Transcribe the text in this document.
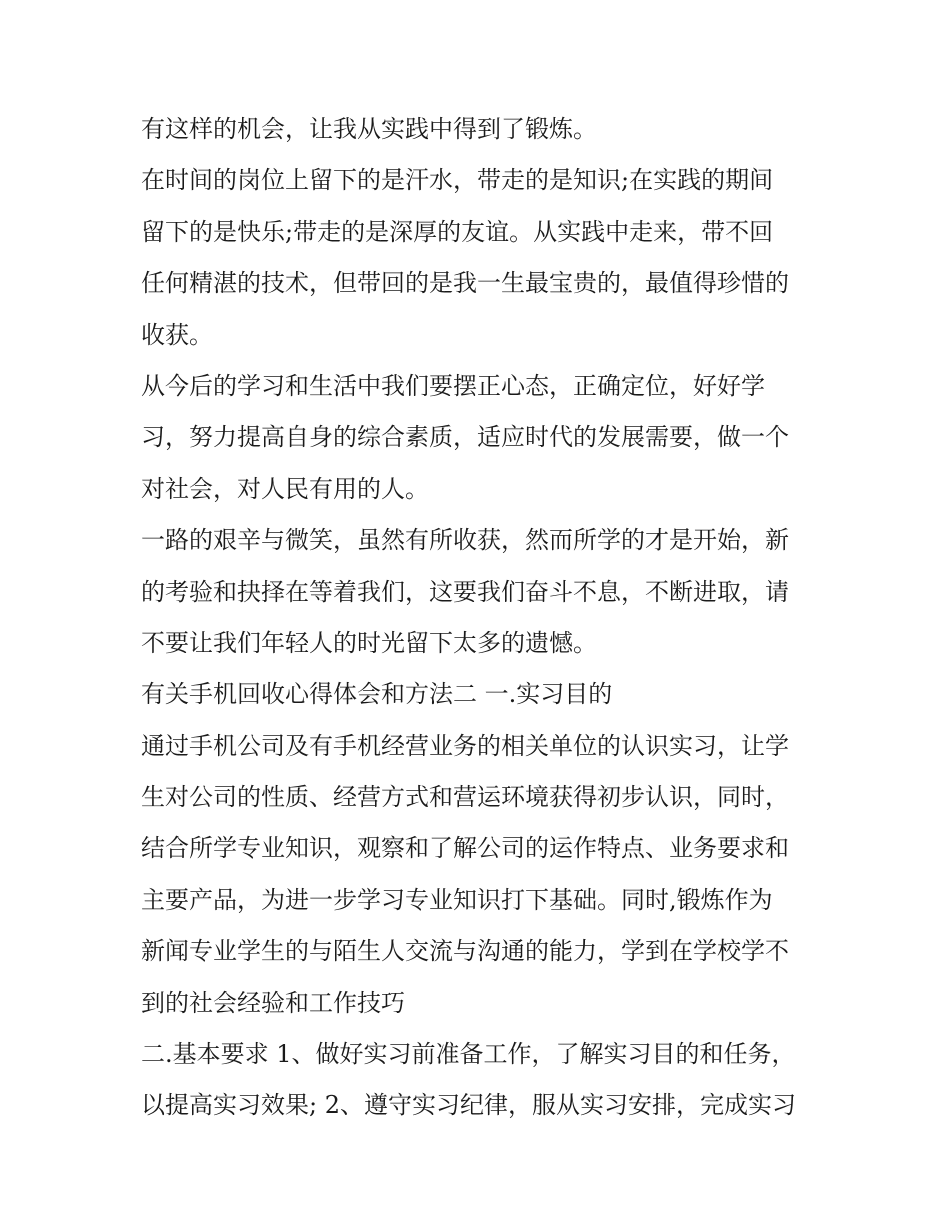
有这样的机会，让我从实践中得到了锻炼。
在时间的岗位上留下的是汗水，带走的是知识;在实践的期间
留下的是快乐;带走的是深厚的友谊。从实践中走来，带不回
任何精湛的技术，但带回的是我一生最宝贵的，最值得珍惜的
收获。
从今后的学习和生活中我们要摆正心态，正确定位，好好学
习，努力提高自身的综合素质，适应时代的发展需要，做一个
对社会，对人民有用的人。
一路的艰辛与微笑，虽然有所收获，然而所学的才是开始，新
的考验和抉择在等着我们，这要我们奋斗不息，不断进取，请
不要让我们年轻人的时光留下太多的遗憾。
有关手机回收心得体会和方法二 一.实习目的
通过手机公司及有手机经营业务的相关单位的认识实习，让学
生对公司的性质、经营方式和营运环境获得初步认识，同时，
结合所学专业知识，观察和了解公司的运作特点、业务要求和
主要产品，为进一步学习专业知识打下基础。同时,锻炼作为
新闻专业学生的与陌生人交流与沟通的能力，学到在学校学不
到的社会经验和工作技巧
二.基本要求 1、做好实习前准备工作，了解实习目的和任务，
以提高实习效果; 2、遵守实习纪律，服从实习安排，完成实习
